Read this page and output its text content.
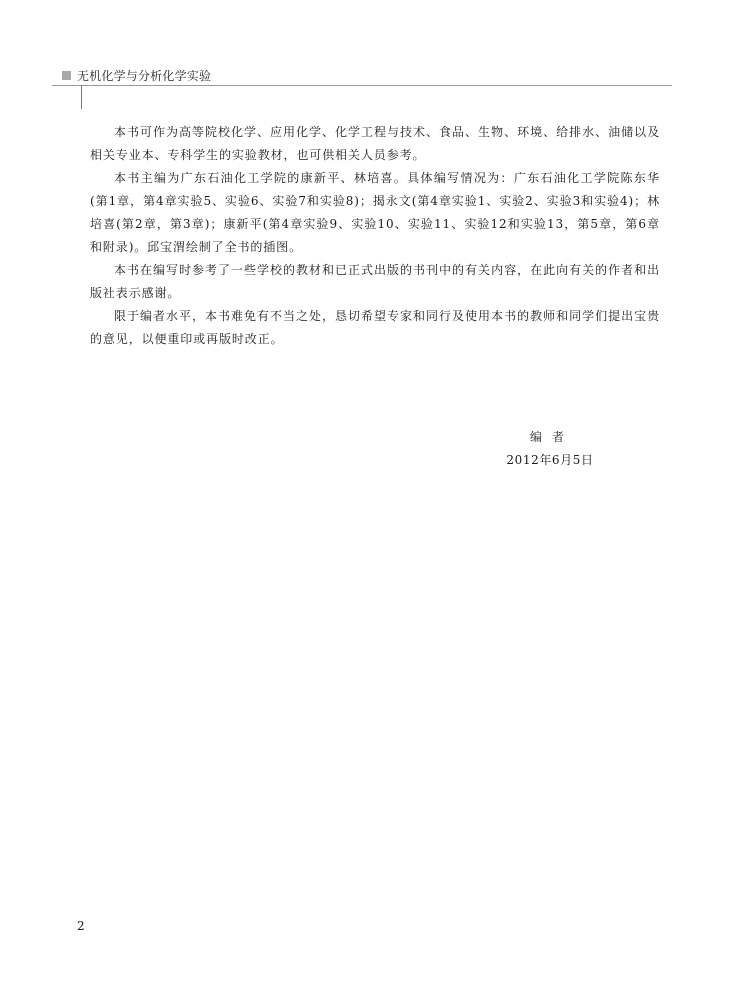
无机化学与分析化学实验

本书可作为高等院校化学、应用化学、化学工程与技术、食品、生物、环境、给排水、油储以及相关专业本、专科学生的实验教材，也可供相关人员参考。

本书主编为广东石油化工学院的康新平、林培喜。具体编写情况为：广东石油化工学院陈东华(第1章，第4章实验5、实验6、实验7和实验8)；揭永文(第4章实验1、实验2、实验3和实验4)；林培喜(第2章，第3章)；康新平(第4章实验9、实验10、实验11、实验12和实验13，第5章，第6章和附录)。邱宝渭绘制了全书的插图。

本书在编写时参考了一些学校的教材和已正式出版的书刊中的有关内容，在此向有关的作者和出版社表示感谢。

限于编者水平，本书难免有不当之处，恳切希望专家和同行及使用本书的教师和同学们提出宝贵的意见，以便重印或再版时改正。

编者
2012年6月5日
2
